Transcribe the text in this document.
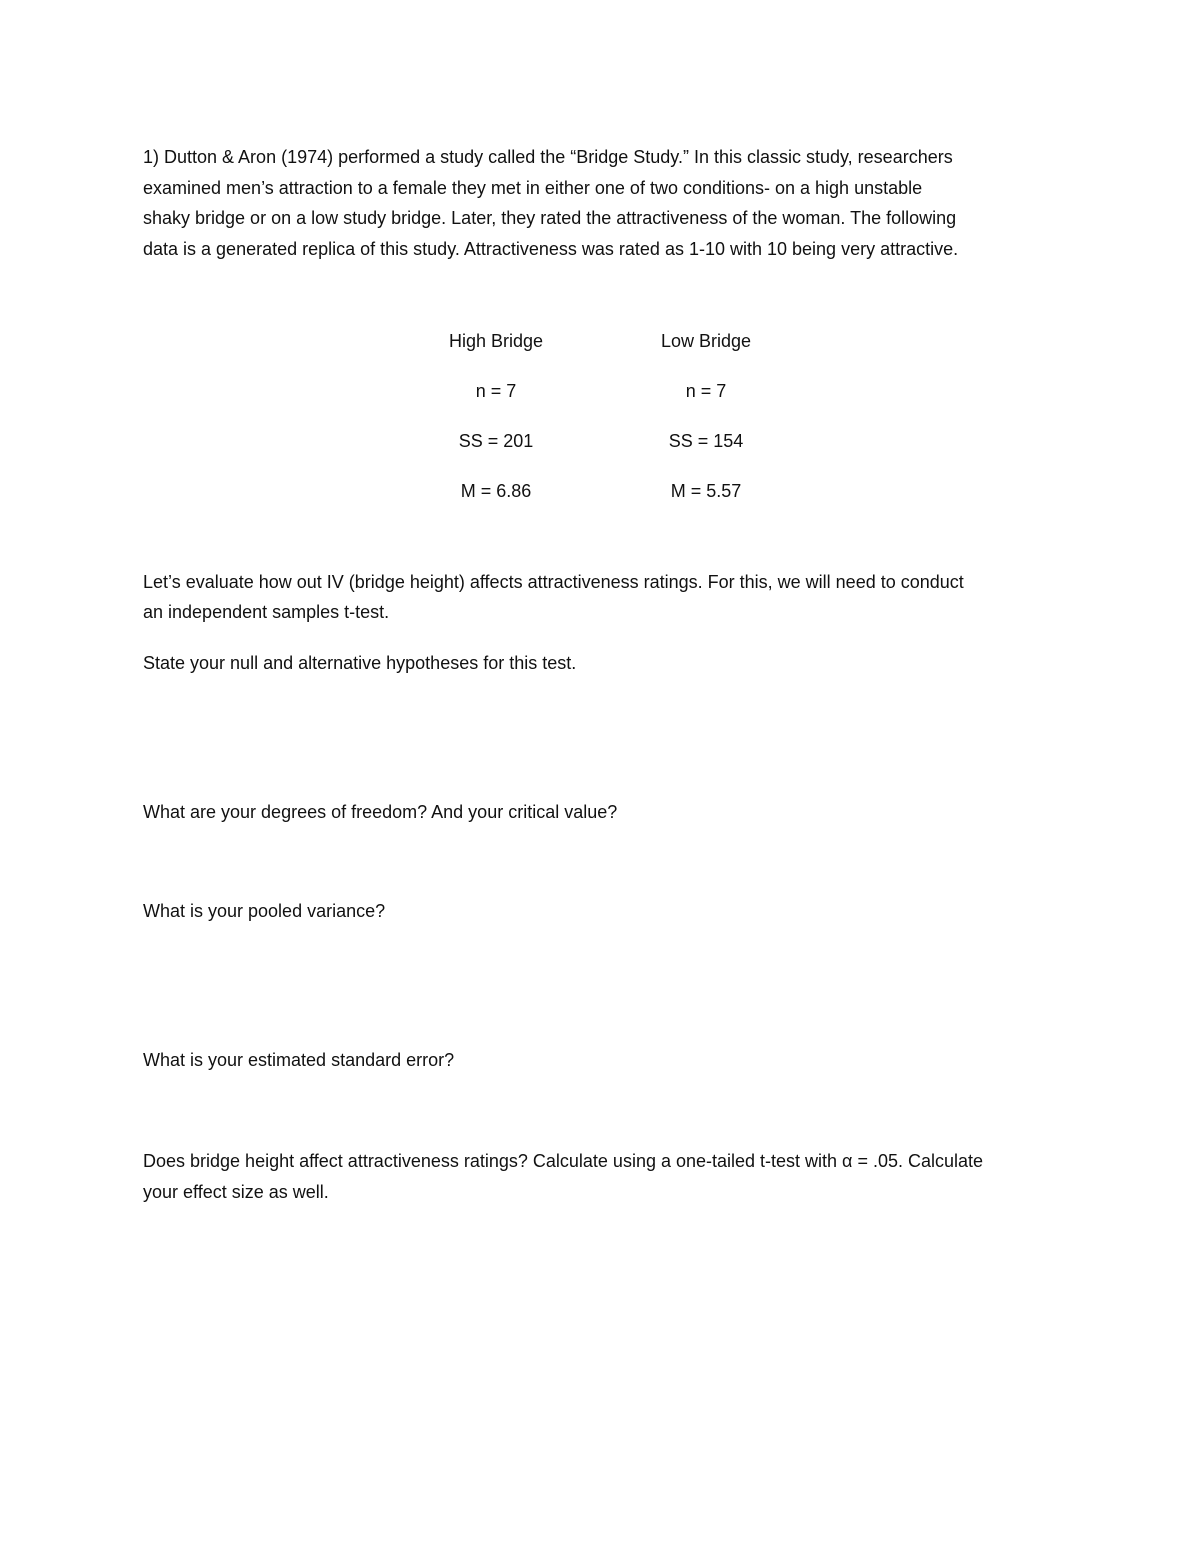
1) Dutton & Aron (1974) performed a study called the “Bridge Study.” In this classic study, researchers
examined men’s attraction to a female they met in either one of two conditions- on a high unstable
shaky bridge or on a low study bridge. Later, they rated the attractiveness of the woman. The following
data is a generated replica of this study. Attractiveness was rated as 1-10 with 10 being very attractive.

High Bridge
n = 7
SS = 201
M = 6.86
Low Bridge
n = 7
SS = 154
M = 5.57

Let’s evaluate how out IV (bridge height) affects attractiveness ratings. For this, we will need to conduct

an independent samples t-test.

State your null and alternative hypotheses for this test.

What are your degrees of freedom? And your critical value?

What is your pooled variance?

What is your estimated standard error?

Does bridge height affect attractiveness ratings? Calculate using a one-tailed t-test with α = .05. Calculate

your effect size as well.
